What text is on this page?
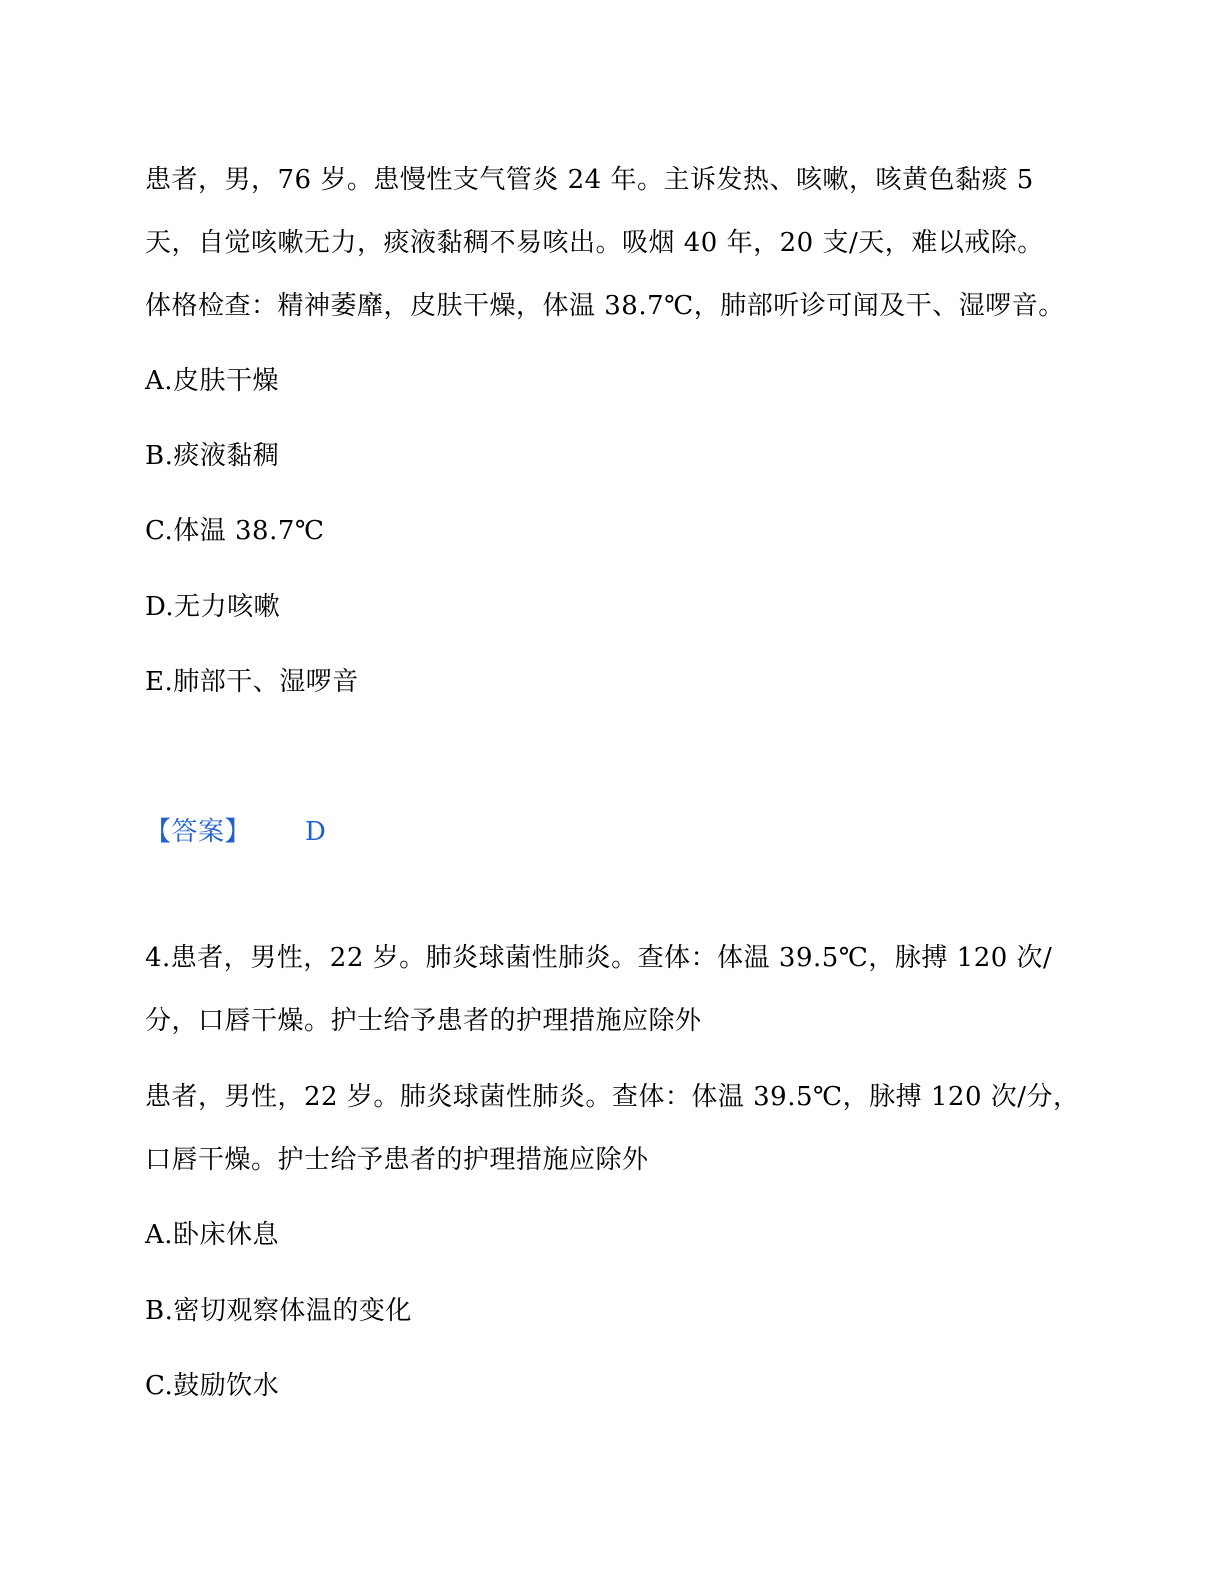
患者，男，76 岁。患慢性支气管炎 24 年。主诉发热、咳嗽，咳黄色黏痰 5
天，自觉咳嗽无力，痰液黏稠不易咳出。吸烟 40 年，20 支/天，难以戒除。
体格检查：精神萎靡，皮肤干燥，体温 38.7℃，肺部听诊可闻及干、湿啰音。
A.皮肤干燥
B.痰液黏稠
C.体温 38.7℃
D.无力咳嗽
E.肺部干、湿啰音
【答案】 D
4.患者，男性，22 岁。肺炎球菌性肺炎。查体：体温 39.5℃，脉搏 120 次/
分，口唇干燥。护士给予患者的护理措施应除外
患者，男性，22 岁。肺炎球菌性肺炎。查体：体温 39.5℃，脉搏 120 次/分，
口唇干燥。护士给予患者的护理措施应除外
A.卧床休息
B.密切观察体温的变化
C.鼓励饮水
